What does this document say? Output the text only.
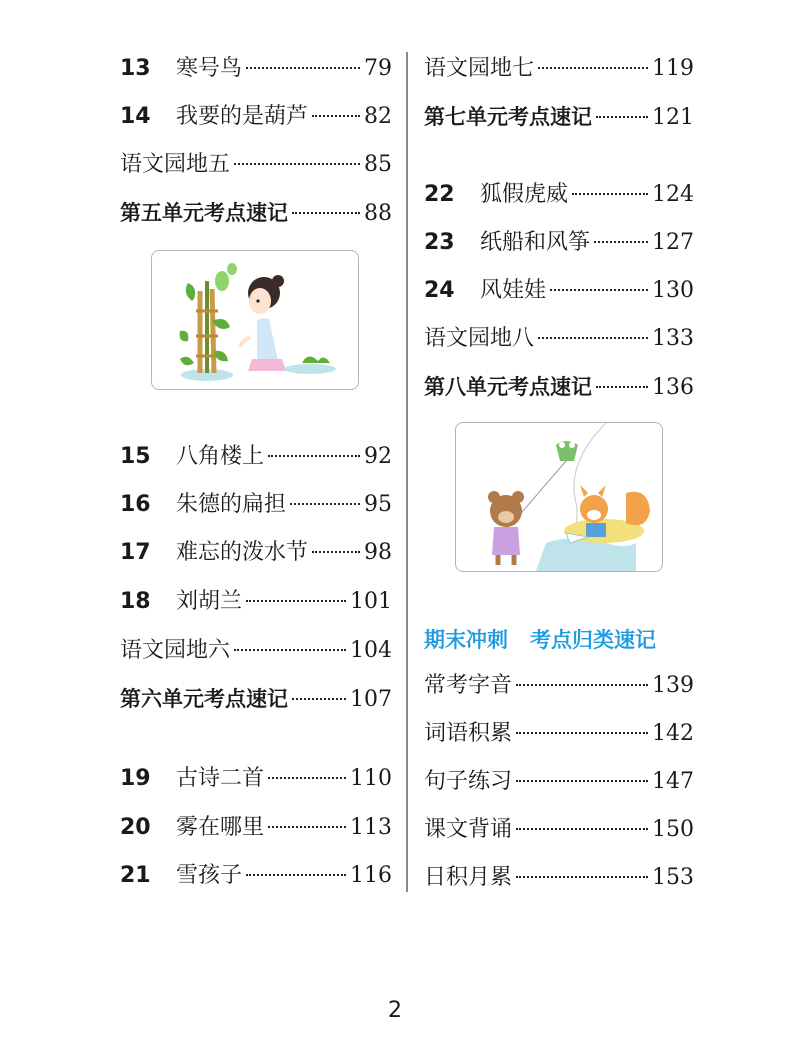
13	寒号鸟	79
14	我要的是葫芦	82
语文园地五	85
第五单元考点速记	88
15	八角楼上	92
16	朱德的扁担	95
17	难忘的泼水节	98
18	刘胡兰	101
语文园地六	104
第六单元考点速记	107
19	古诗二首	110
20	雾在哪里	113
21	雪孩子	116
语文园地七	119
第七单元考点速记	121
22	狐假虎威	124
23	纸船和风筝	127
24	风娃娃	130
语文园地八	133
第八单元考点速记	136
期末冲刺 考点归类速记
常考字音	139
词语积累	142
句子练习	147
课文背诵	150
日积月累	153
2
